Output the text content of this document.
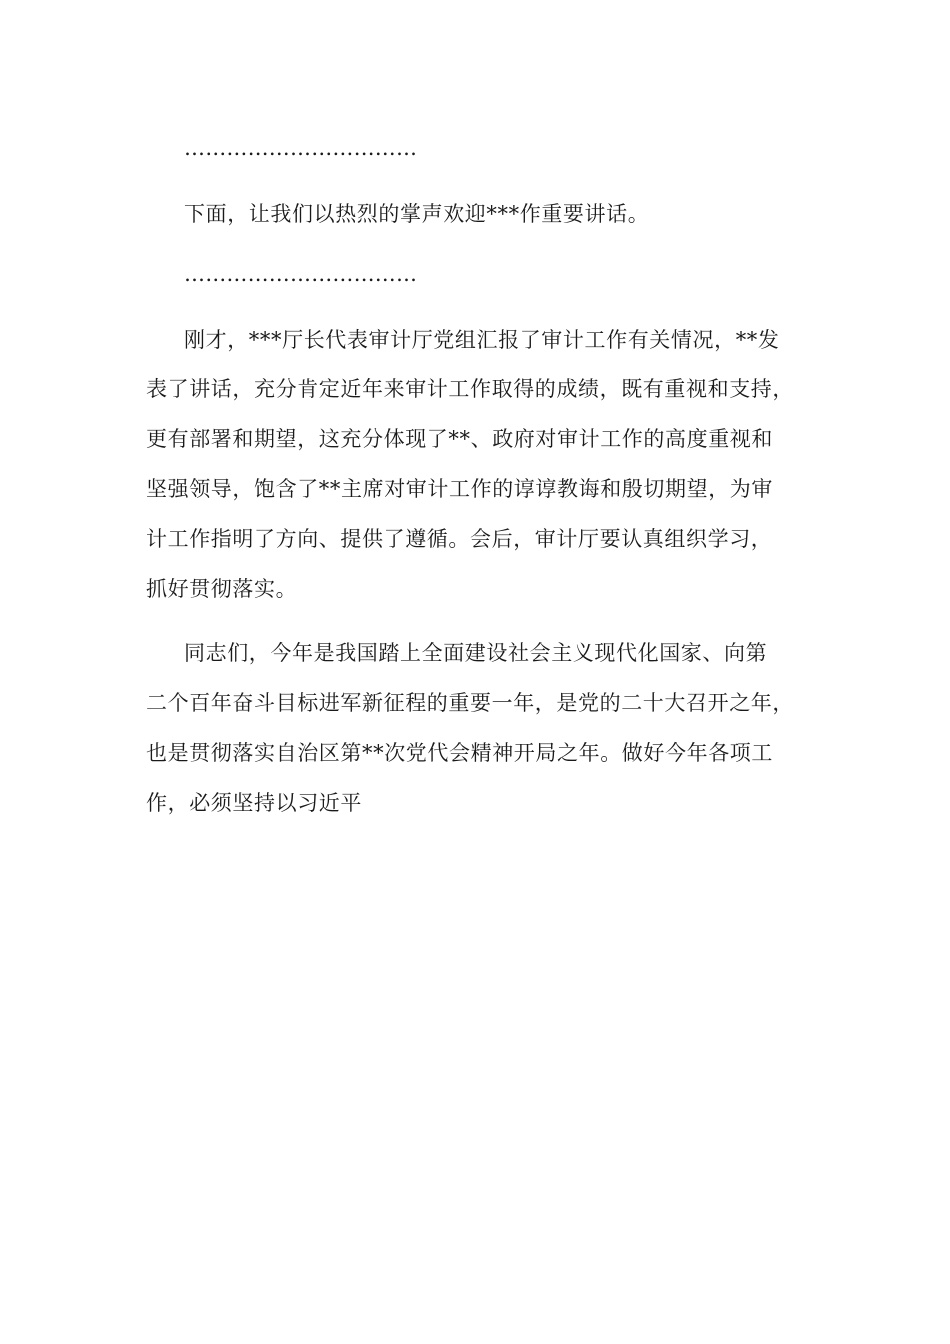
……………………………
下面，让我们以热烈的掌声欢迎***作重要讲话。
……………………………
刚才，***厅长代表审计厅党组汇报了审计工作有关情况，**发
表了讲话，充分肯定近年来审计工作取得的成绩，既有重视和支持，
更有部署和期望，这充分体现了**、政府对审计工作的高度重视和
坚强领导，饱含了**主席对审计工作的谆谆教诲和殷切期望，为审
计工作指明了方向、提供了遵循。会后，审计厅要认真组织学习，
抓好贯彻落实。
同志们，今年是我国踏上全面建设社会主义现代化国家、向第
二个百年奋斗目标进军新征程的重要一年，是党的二十大召开之年，
也是贯彻落实自治区第**次党代会精神开局之年。做好今年各项工
作，必须坚持以习近平
